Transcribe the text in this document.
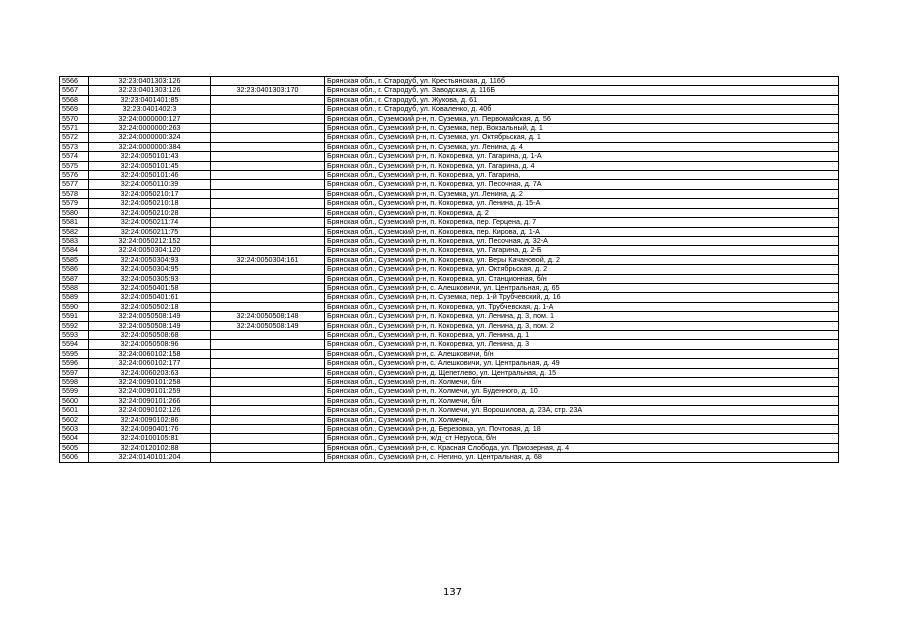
5566	32:23:0401303:126		Брянская обл., г. Стародуб, ул. Крестьянская, д. 116б
5567	32:23:0401303:126	32:23:0401303:170	Брянская обл., г. Стародуб, ул. Заводская, д. 116Б
5568	32:23:0401401:85		Брянская обл., г. Стародуб, ул. Жукова, д. 61
5569	32:23:0401402:3		Брянская обл., г. Стародуб, ул. Коваленко, д. 40б
5570	32:24:0000000:127		Брянская обл., Суземский р-н, п. Суземка, ул. Первомайская, д. 56
5571	32:24:0000000:263		Брянская обл., Суземский р-н, п. Суземка, пер. Вокзальный, д. 1
5572	32:24:0000000:324		Брянская обл., Суземский р-н, п. Суземка, ул. Октябрьская, д. 1
5573	32:24:0000000:384		Брянская обл., Суземский р-н, п. Суземка, ул. Ленина, д. 4
5574	32:24:0050101:43		Брянская обл., Суземский р-н, п. Кокоревка, ул. Гагарина, д. 1-А
5575	32:24:0050101:45		Брянская обл., Суземский р-н, п. Кокоревка, ул. Гагарина, д. 4
5576	32:24:0050101:46		Брянская обл., Суземский р-н, п. Кокоревка, ул. Гагарина,
5577	32:24:0050110:39		Брянская обл., Суземский р-н, п. Кокоревка, ул. Песочная, д. 7А
5578	32:24:0050210:17		Брянская обл., Суземский р-н, п. Суземка, ул. Ленина, д. 2
5579	32:24:0050210:18		Брянская обл., Суземский р-н, п. Кокоревка, ул. Ленина, д. 15-А
5580	32:24:0050210:28		Брянская обл., Суземский р-н, п. Кокоревка, д. 2
5581	32:24:0050211:74		Брянская обл., Суземский р-н, п. Кокоревка, пер. Герцена, д. 7
5582	32:24:0050211:75		Брянская обл., Суземский р-н, п. Кокоревка, пер. Кирова, д. 1-А
5583	32:24:0050212:152		Брянская обл., Суземский р-н, п. Кокоревка, ул. Песочная, д. 32-А
5584	32:24:0050304:120		Брянская обл., Суземский р-н, п. Кокоревка, ул. Гагарина, д. 2-Б
5585	32:24:0050304:93	32:24:0050304:161	Брянская обл., Суземский р-н, п. Кокоревка, ул. Веры Качановой, д. 2
5586	32:24:0050304:95		Брянская обл., Суземский р-н, п. Кокоревка, ул. Октябрьская, д. 2
5587	32:24:0050305:93		Брянская обл., Суземский р-н, п. Кокоревка, ул. Станционная, б/н
5588	32:24:0050401:58		Брянская обл., Суземский р-н, с. Алешковичи, ул. Центральная, д. 65
5589	32:24:0050401:61		Брянская обл., Суземский р-н, п. Суземка, пер. 1-й Трубчевский, д. 16
5590	32:24:0050502:18		Брянская обл., Суземский р-н, п. Кокоревка, ул. Трубчевская, д. 1-А
5591	32:24:0050508:149	32:24:0050508:148	Брянская обл., Суземский р-н, п. Кокоревка, ул. Ленина, д. 3, пом. 1
5592	32:24:0050508:149	32:24:0050508:149	Брянская обл., Суземский р-н, п. Кокоревка, ул. Ленина, д. 3, пом. 2
5593	32:24:0050508:68		Брянская обл., Суземский р-н, п. Кокоревка, ул. Ленина, д. 1
5594	32:24:0050508:96		Брянская обл., Суземский р-н, п. Кокоревка, ул. Ленина, д. 3
5595	32:24:0060102:158		Брянская обл., Суземский р-н, с. Алешковичи, б/н
5596	32:24:0060102:177		Брянская обл., Суземский р-н, с. Алешковичи, ул. Центральная, д. 49
5597	32:24:0060203:63		Брянская обл., Суземский р-н, д. Щепетлево, ул. Центральная, д. 15
5598	32:24:0090101:258		Брянская обл., Суземский р-н, п. Холмечи, б/н
5599	32:24:0090101:259		Брянская обл., Суземский р-н, п. Холмечи, ул. Буденного, д. 10
5600	32:24:0090101:266		Брянская обл., Суземский р-н, п. Холмечи, б/н
5601	32:24:0090102:126		Брянская обл., Суземский р-н, п. Холмечи, ул. Ворошилова, д. 23А, стр. 23А
5602	32:24:0090102:86		Брянская обл., Суземский р-н, п. Холмечи,
5603	32:24:0090401:76		Брянская обл., Суземский р-н, д. Березовка, ул. Почтовая, д. 18
5604	32:24:0100105:81		Брянская обл., Суземский р-н, ж/д_ст Нерусса, б/н
5605	32:24:0120102:88		Брянская обл., Суземский р-н, с. Красная Слобода, ул. Приозерная, д. 4
5606	32:24:0140101:204		Брянская обл., Суземский р-н, с. Негино, ул. Центральная, д. 68
137
